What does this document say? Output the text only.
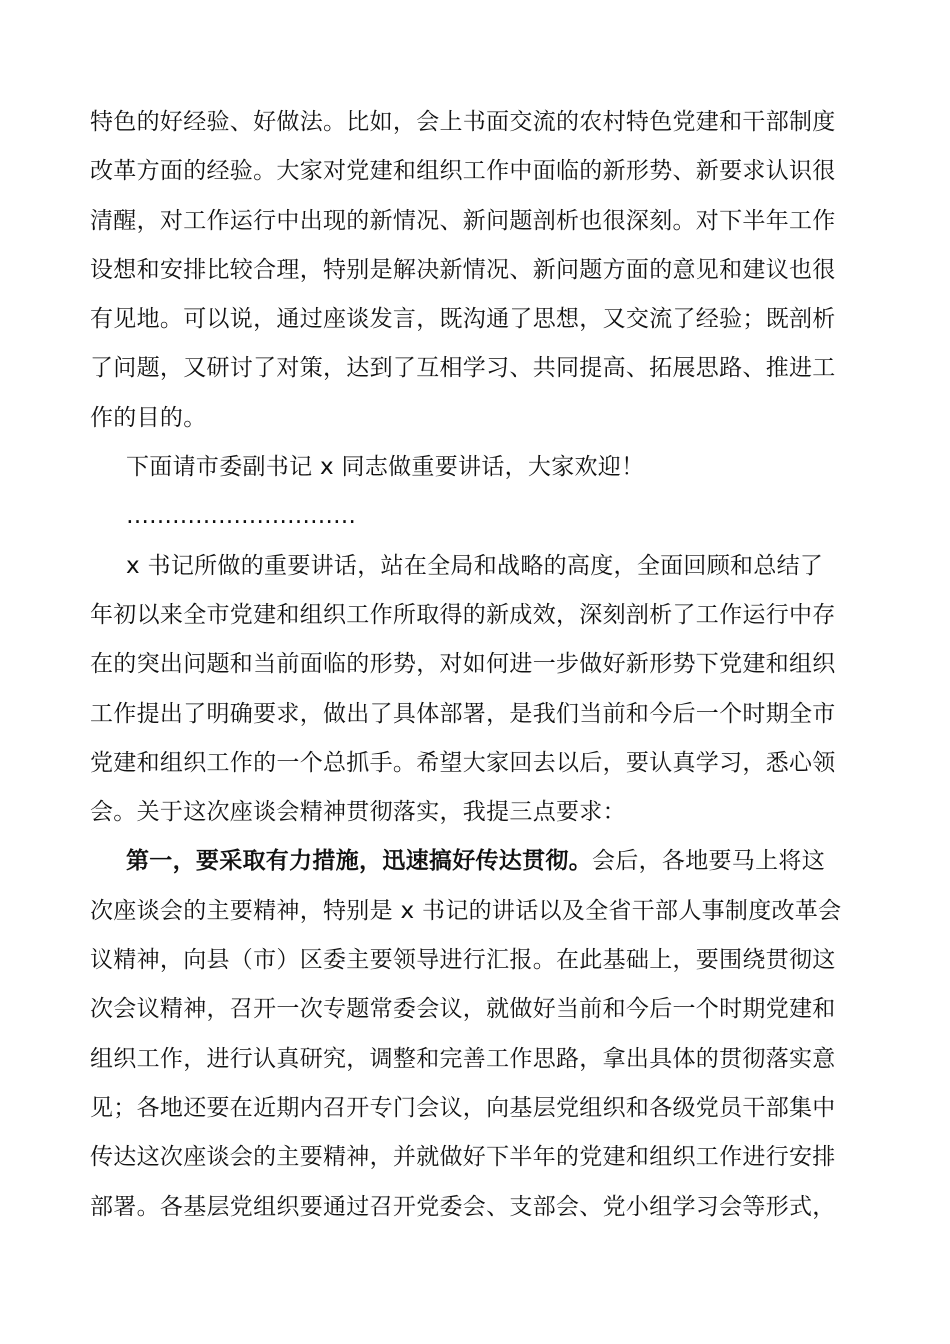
特色的好经验、好做法。比如，会上书面交流的农村特色党建和干部制度
改革方面的经验。大家对党建和组织工作中面临的新形势、新要求认识很
清醒，对工作运行中出现的新情况、新问题剖析也很深刻。对下半年工作
设想和安排比较合理，特别是解决新情况、新问题方面的意见和建议也很
有见地。可以说，通过座谈发言，既沟通了思想，又交流了经验；既剖析
了问题，又研讨了对策，达到了互相学习、共同提高、拓展思路、推进工
作的目的。
下面请市委副书记 x 同志做重要讲话，大家欢迎！
…………………………
x 书记所做的重要讲话，站在全局和战略的高度，全面回顾和总结了
年初以来全市党建和组织工作所取得的新成效，深刻剖析了工作运行中存
在的突出问题和当前面临的形势，对如何进一步做好新形势下党建和组织
工作提出了明确要求，做出了具体部署，是我们当前和今后一个时期全市
党建和组织工作的一个总抓手。希望大家回去以后，要认真学习，悉心领
会。关于这次座谈会精神贯彻落实，我提三点要求：
第一，要采取有力措施，迅速搞好传达贯彻。会后，各地要马上将这
次座谈会的主要精神，特别是 x 书记的讲话以及全省干部人事制度改革会
议精神，向县（市）区委主要领导进行汇报。在此基础上，要围绕贯彻这
次会议精神，召开一次专题常委会议，就做好当前和今后一个时期党建和
组织工作，进行认真研究，调整和完善工作思路，拿出具体的贯彻落实意
见；各地还要在近期内召开专门会议，向基层党组织和各级党员干部集中
传达这次座谈会的主要精神，并就做好下半年的党建和组织工作进行安排
部署。各基层党组织要通过召开党委会、支部会、党小组学习会等形式，
